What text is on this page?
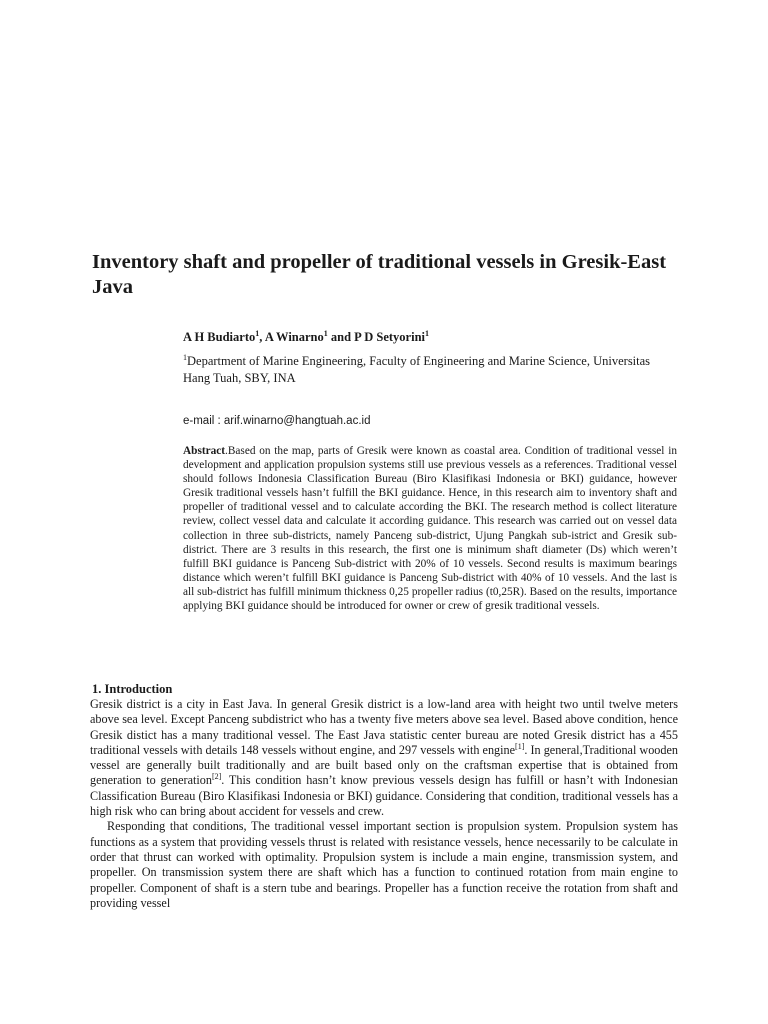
Inventory shaft and propeller of traditional vessels in Gresik-East Java
A H Budiarto$^1$, A Winarno$^1$ and P D Setyorini$^1$
$^1$Department of Marine Engineering, Faculty of Engineering and Marine Science, Universitas Hang Tuah, SBY, INA
e-mail : arif.winarno@hangtuah.ac.id

Abstract.Based on the map, parts of Gresik were known as coastal area. Condition of traditional vessel in development and application propulsion systems still use previous vessels as a references. Traditional vessel should follows Indonesia Classification Bureau (Biro Klasifikasi Indonesia or BKI) guidance, however Gresik traditional vessels hasn’t fulfill the BKI guidance. Hence, in this research aim to inventory shaft and propeller of traditional vessel and to calculate according the BKI. The research method is collect literature review, collect vessel data and calculate it according guidance. This research was carried out on vessel data collection in three sub-districts, namely Panceng sub-district, Ujung Pangkah sub-istrict and Gresik sub-district. There are 3 results in this research, the first one is minimum shaft diameter (Ds) which weren’t fulfill BKI guidance is Panceng Sub-district with 20% of 10 vessels. Second results is maximum bearings distance which weren’t fulfill BKI guidance is Panceng Sub-district with 40% of 10 vessels. And the last is all sub-district has fulfill minimum thickness 0,25 propeller radius (t0,25R). Based on the results, importance applying BKI guidance should be introduced for owner or crew of gresik traditional vessels.

1. Introduction

Gresik district is a city in East Java. In general Gresik district is a low-land area with height two until twelve meters above sea level. Except Panceng subdistrict who has a twenty five meters above sea level. Based above condition, hence Gresik distict has a many traditional vessel. The East Java statistic center bureau are noted Gresik district has a 455 traditional vessels with details 148 vessels without engine, and 297 vessels with engine[1]. In general,Traditional wooden vessel are generally built traditionally and are built based only on the craftsman expertise that is obtained from generation to generation[2]. This condition hasn’t know previous vessels design has fulfill or hasn’t with Indonesian Classification Bureau (Biro Klasifikasi Indonesia or BKI) guidance. Considering that condition, traditional vessels has a high risk who can bring about accident for vessels and crew.

Responding that conditions, The traditional vessel important section is propulsion system. Propulsion system has functions as a system that providing vessels thrust is related with resistance vessels, hence necessarily to be calculate in order that thrust can worked with optimality. Propulsion system is include a main engine, transmission system, and propeller. On transmission system there are shaft which has a function to continued rotation from main engine to propeller. Component of shaft is a stern tube and bearings. Propeller has a function receive the rotation from shaft and providing vessel
